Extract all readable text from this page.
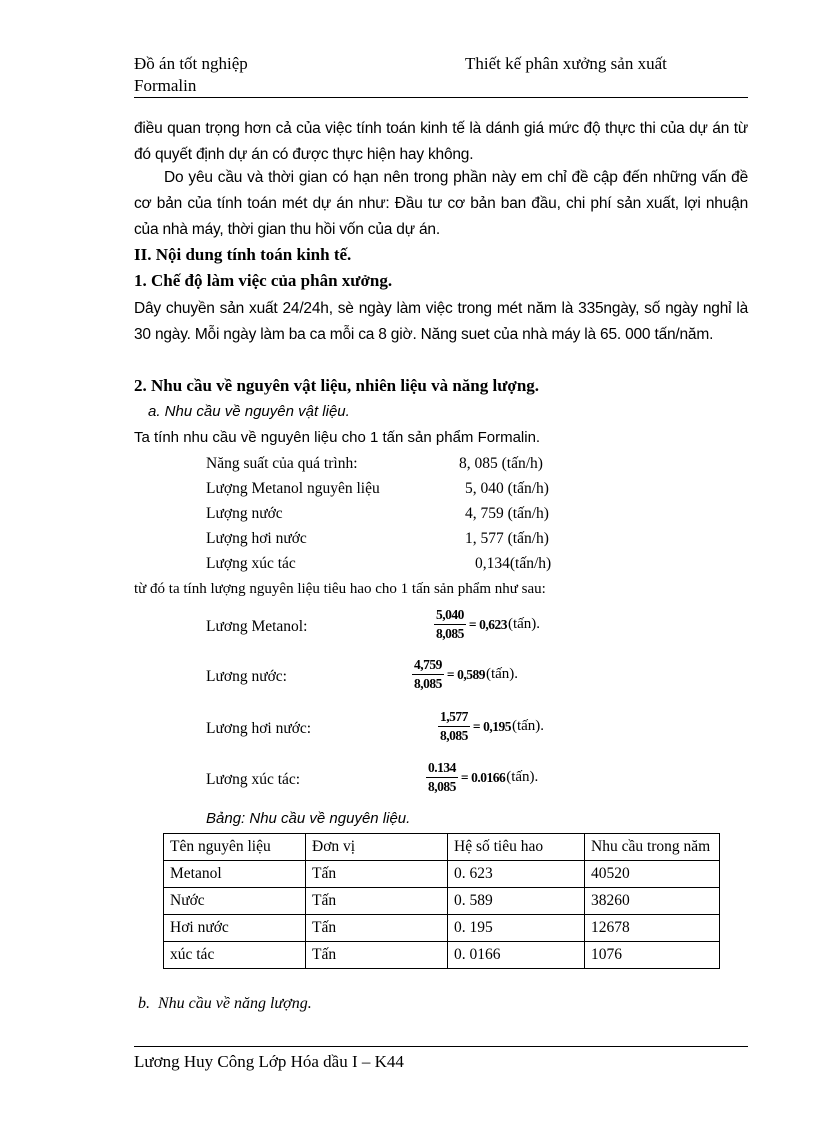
Đồ án tốt nghiệp
Formalin
Thiết kế phân xưởng sản xuất
điều quan trọng hơn cả của việc tính toán kinh tế là dánh giá mức độ thực thi của dự án từ đó quyết định dự án có được thực hiện hay không.
Do yêu cầu và thời gian có hạn nên trong phần này em chỉ đề cập đến những vấn đề cơ bản của tính toán mét dự án như: Đầu tư cơ bản ban đầu, chi phí sản xuất, lợi nhuận của nhà máy, thời gian thu hồi vốn của dự án.
II. Nội dung tính toán kinh tế.
1. Chế độ làm việc của phân xưởng.
Dây chuyền sản xuất 24/24h, sè ngày làm việc trong mét năm là 335ngày, số ngày nghỉ là 30 ngày. Mỗi ngày làm ba ca mỗi ca 8 giờ. Năng suet của nhà máy là 65. 000 tấn/năm.
2. Nhu cầu về nguyên vật liệu, nhiên liệu và năng lượng.
a. Nhu cầu về nguyên vật liệu.
Ta tính nhu cầu về nguyên liệu cho 1 tấn sản phẩm Formalin.
Năng suất của quá trình:	8, 085 (tấn/h)
Lượng Metanol nguyên liệu	5, 040 (tấn/h)
Lượng nước	4, 759 (tấn/h)
Lượng hơi nước	1, 577 (tấn/h)
Lượng xúc tác	0,134(tấn/h)
từ đó ta tính lượng nguyên liệu tiêu hao cho 1 tấn sản phẩm như sau:
Lương Metanol:	$\frac{5,040}{8,085} = 0,623$ (tấn).
Lương nước:	$\frac{4,759}{8,085} = 0,589$ (tấn).
Lương hơi nước:	$\frac{1,577}{8,085} = 0,195$ (tấn).
Lương xúc tác:	$\frac{0.134}{8,085} = 0.0166$ (tấn).
Bảng: Nhu cầu về nguyên liệu.
Tên nguyên liệu	Đơn vị	Hệ số tiêu hao	Nhu cầu trong năm
Metanol	Tấn	0. 623	40520
Nước	Tấn	0. 589	38260
Hơi nước	Tấn	0. 195	12678
xúc tác	Tấn	0. 0166	1076
b.  Nhu cầu về năng lượng.
Lương Huy Công Lớp Hóa dầu I – K44
